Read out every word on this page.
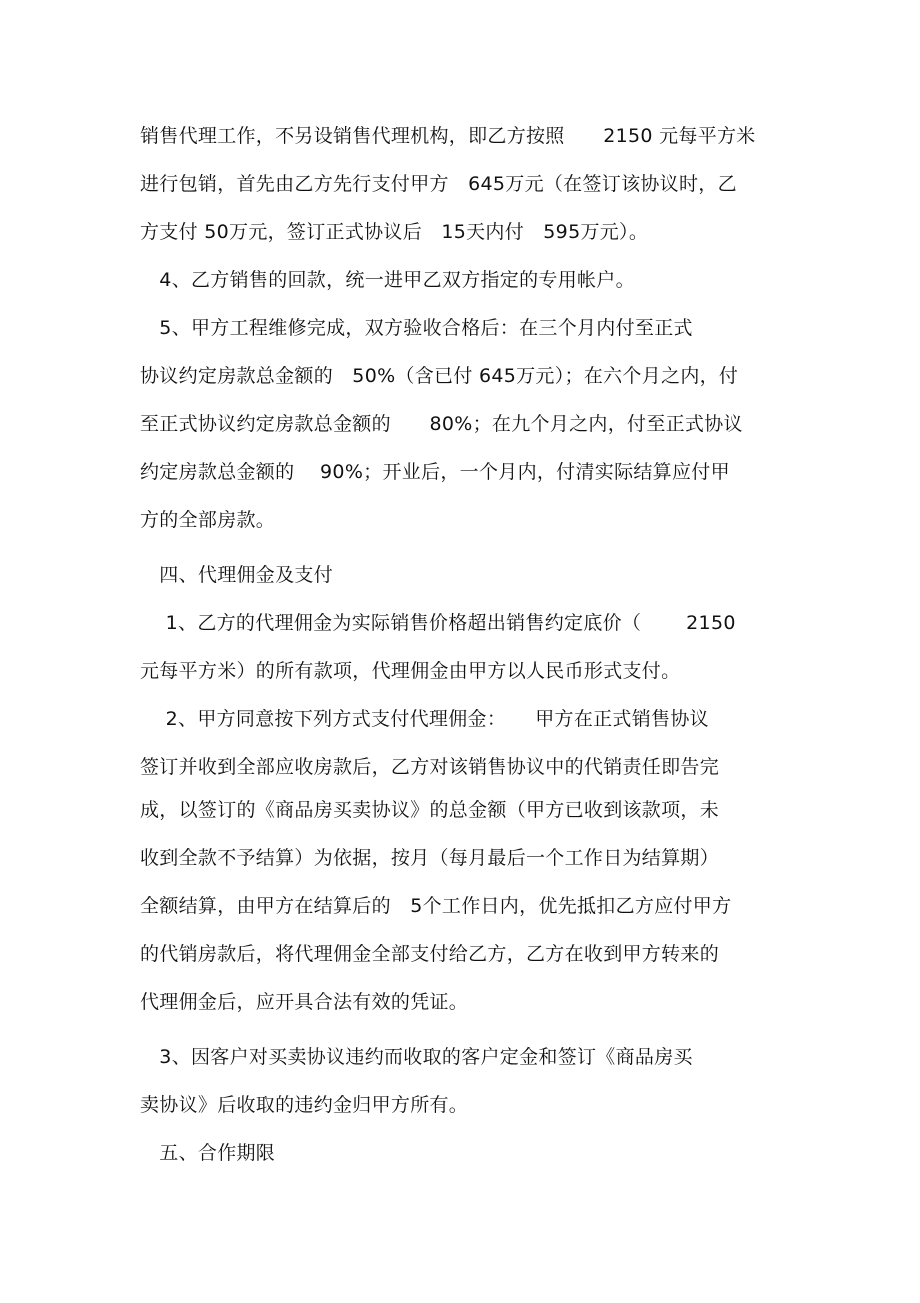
销售代理工作，不另设销售代理机构，即乙方按照　　2150 元每平方米
进行包销，首先由乙方先行支付甲方　645万元（在签订该协议时，乙
方支付 50万元，签订正式协议后　15天内付　595万元）。
　4、乙方销售的回款，统一进甲乙双方指定的专用帐户。
　5、甲方工程维修完成，双方验收合格后：在三个月内付至正式
协议约定房款总金额的　50%（含已付 645万元）；在六个月之内，付
至正式协议约定房款总金额的　　80%；在九个月之内，付至正式协议
约定房款总金额的　 90%；开业后，一个月内，付清实际结算应付甲
方的全部房款。
　四、代理佣金及支付
　 1、乙方的代理佣金为实际销售价格超出销售约定底价（　　 2150
元每平方米）的所有款项，代理佣金由甲方以人民币形式支付。
　 2、甲方同意按下列方式支付代理佣金：　　甲方在正式销售协议
签订并收到全部应收房款后，乙方对该销售协议中的代销责任即告完
成，以签订的《商品房买卖协议》的总金额（甲方已收到该款项，未
收到全款不予结算）为依据，按月（每月最后一个工作日为结算期）
全额结算，由甲方在结算后的　5个工作日内，优先抵扣乙方应付甲方
的代销房款后，将代理佣金全部支付给乙方，乙方在收到甲方转来的
代理佣金后，应开具合法有效的凭证。
　3、因客户对买卖协议违约而收取的客户定金和签订《商品房买
卖协议》后收取的违约金归甲方所有。
　五、合作期限
